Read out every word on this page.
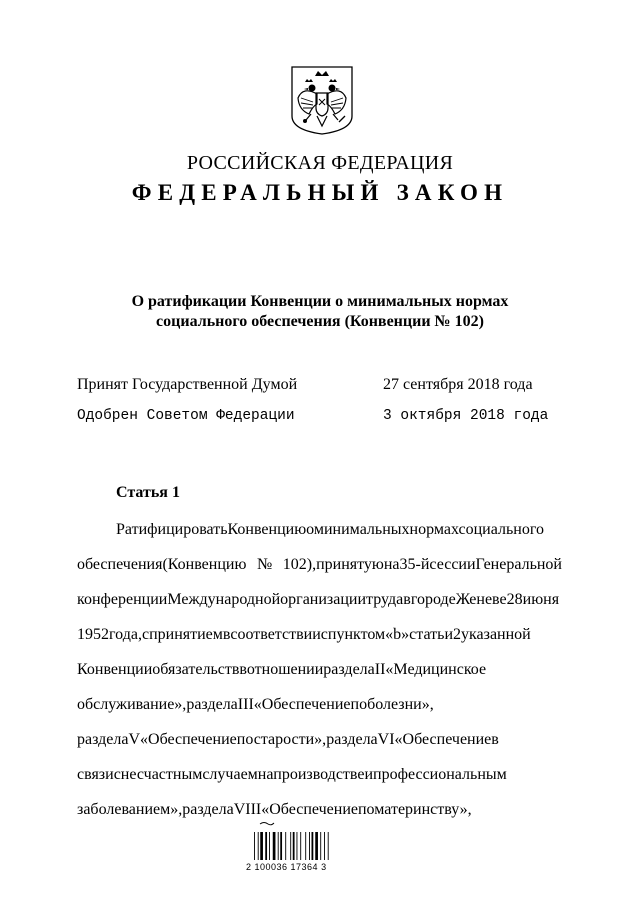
РОССИЙСКАЯ ФЕДЕРАЦИЯ
ФЕДЕРАЛЬНЫЙ ЗАКОН
О ратификации Конвенции о минимальных нормах
социального обеспечения (Конвенции № 102)
Принят Государственной Думой	27 сентября 2018 года
Одобрен Советом Федерации	3 октября 2018 года
Статья 1
РатифицироватьКонвенциюоминимальныхнормахсоциального
обеспечения(Конвенцию№102),принятуюна35-йсессииГенеральной
конференцииМеждународнойорганизациитрудавгородеЖеневе28июня
1952года,спринятиемвсоответствииспунктом«b»статьи2указанной
КонвенцииобязательстввотношенииразделаII«Медицинское
обслуживание»,разделаIII«Обеспечениепоболезни»,
разделаV«Обеспечениепостарости»,разделаVI«Обеспечениев
связиснесчастнымслучаемнапроизводствеипрофессиональным
заболеванием»,разделаVIII«Обеспечениепоматеринству»,
2 100036 17364 3
